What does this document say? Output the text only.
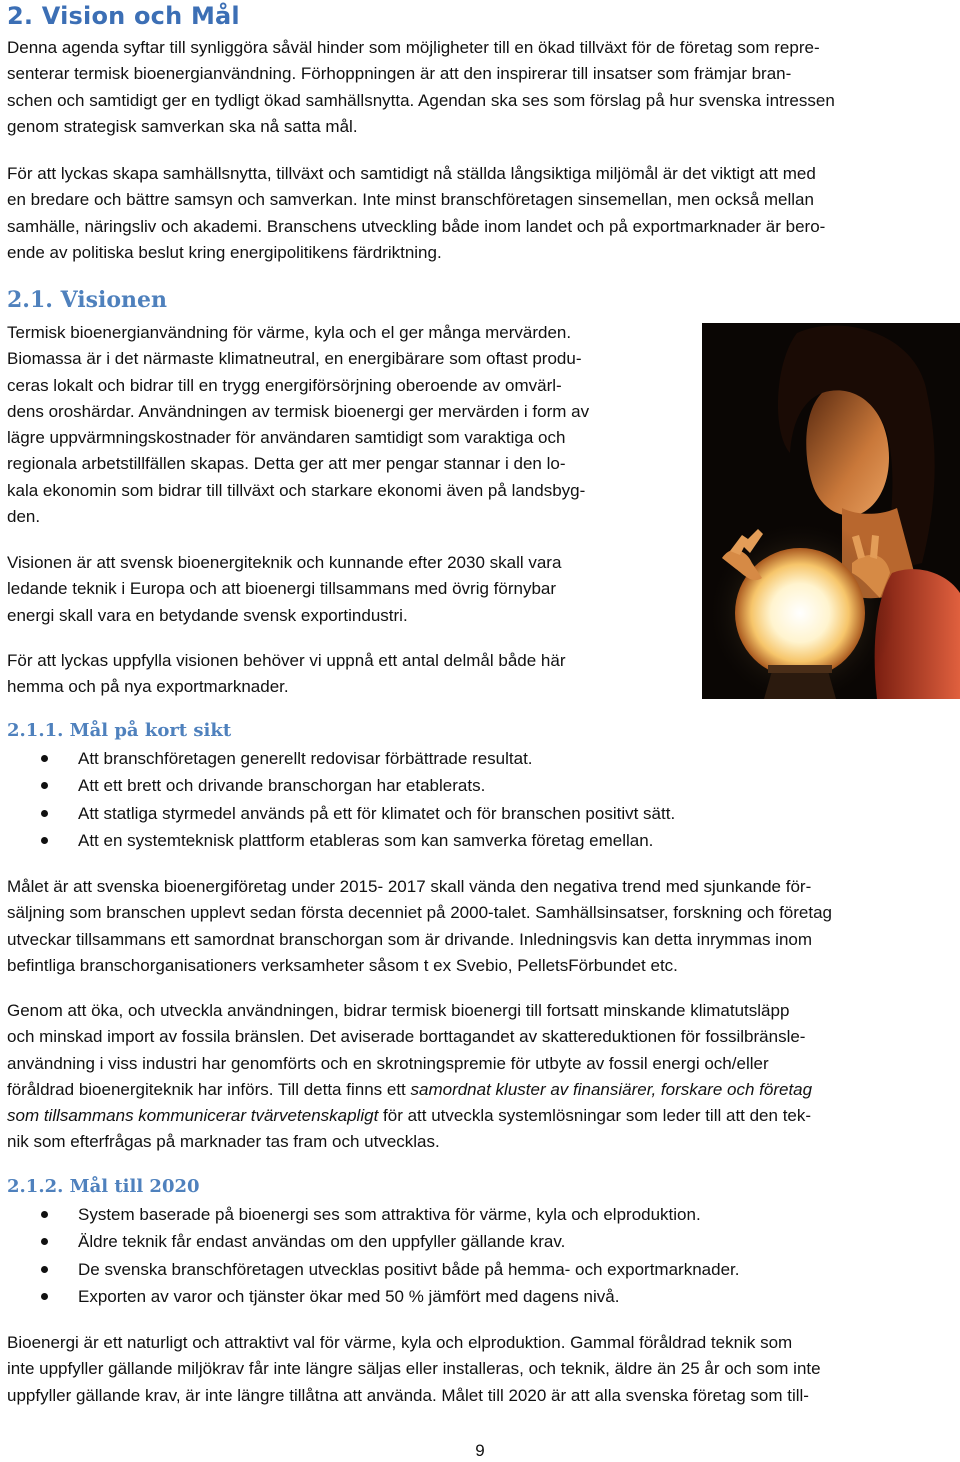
2. Vision och Mål
Denna agenda syftar till synliggöra såväl hinder som möjligheter till en ökad tillväxt för de företag som repre-
senterar termisk bioenergianvändning. Förhoppningen är att den inspirerar till insatser som främjar bran-
schen och samtidigt ger en tydligt ökad samhällsnytta. Agendan ska ses som förslag på hur svenska intressen
genom strategisk samverkan ska nå satta mål.
För att lyckas skapa samhällsnytta, tillväxt och samtidigt nå ställda långsiktiga miljömål är det viktigt att med
en bredare och bättre samsyn och samverkan. Inte minst branschföretagen sinsemellan, men också mellan
samhälle, näringsliv och akademi. Branschens utveckling både inom landet och på exportmarknader är bero-
ende av politiska beslut kring energipolitikens färdriktning.
2.1. Visionen
Termisk bioenergianvändning för värme, kyla och el ger många mervärden.
Biomassa är i det närmaste klimatneutral, en energibärare som oftast produ-
ceras lokalt och bidrar till en trygg energiförsörjning oberoende av omvärl-
dens oroshärdar. Användningen av termisk bioenergi ger mervärden i form av
lägre uppvärmningskostnader för användaren samtidigt som varaktiga och
regionala arbetstillfällen skapas. Detta ger att mer pengar stannar i den lo-
kala ekonomin som bidrar till tillväxt och starkare ekonomi även på landsbyg-
den.
Visionen är att svensk bioenergiteknik och kunnande efter 2030 skall vara
ledande teknik i Europa och att bioenergi tillsammans med övrig förnybar
energi skall vara en betydande svensk exportindustri.
För att lyckas uppfylla visionen behöver vi uppnå ett antal delmål både här
hemma och på nya exportmarknader.
2.1.1. Mål på kort sikt
Att branschföretagen generellt redovisar förbättrade resultat.
Att ett brett och drivande branschorgan har etablerats.
Att statliga styrmedel används på ett för klimatet och för branschen positivt sätt.
Att en systemteknisk plattform etableras som kan samverka företag emellan.
Målet är att svenska bioenergiföretag under 2015- 2017 skall vända den negativa trend med sjunkande för-
säljning som branschen upplevt sedan första decenniet på 2000-talet. Samhällsinsatser, forskning och företag
utveckar tillsammans ett samordnat branschorgan som är drivande. Inledningsvis kan detta inrymmas inom
befintliga branschorganisationers verksamheter såsom t ex Svebio, PelletsFörbundet etc.
Genom att öka, och utveckla användningen, bidrar termisk bioenergi till fortsatt minskande klimatutsläpp
och minskad import av fossila bränslen. Det aviserade borttagandet av skattereduktionen för fossilbränsle-
användning i viss industri har genomförts och en skrotningspremie för utbyte av fossil energi och/eller
föråldrad bioenergiteknik har införs. Till detta finns ett samordnat kluster av finansiärer, forskare och företag
som tillsammans kommunicerar tvärvetenskapligt för att utveckla systemlösningar som leder till att den tek-
nik som efterfrågas på marknader tas fram och utvecklas.
2.1.2. Mål till 2020
System baserade på bioenergi ses som attraktiva för värme, kyla och elproduktion.
Äldre teknik får endast användas om den uppfyller gällande krav.
De svenska branschföretagen utvecklas positivt både på hemma- och exportmarknader.
Exporten av varor och tjänster ökar med 50 % jämfört med dagens nivå.
Bioenergi är ett naturligt och attraktivt val för värme, kyla och elproduktion. Gammal föråldrad teknik som
inte uppfyller gällande miljökrav får inte längre säljas eller installeras, och teknik, äldre än 25 år och som inte
uppfyller gällande krav, är inte längre tillåtna att använda. Målet till 2020 är att alla svenska företag som till-
9
